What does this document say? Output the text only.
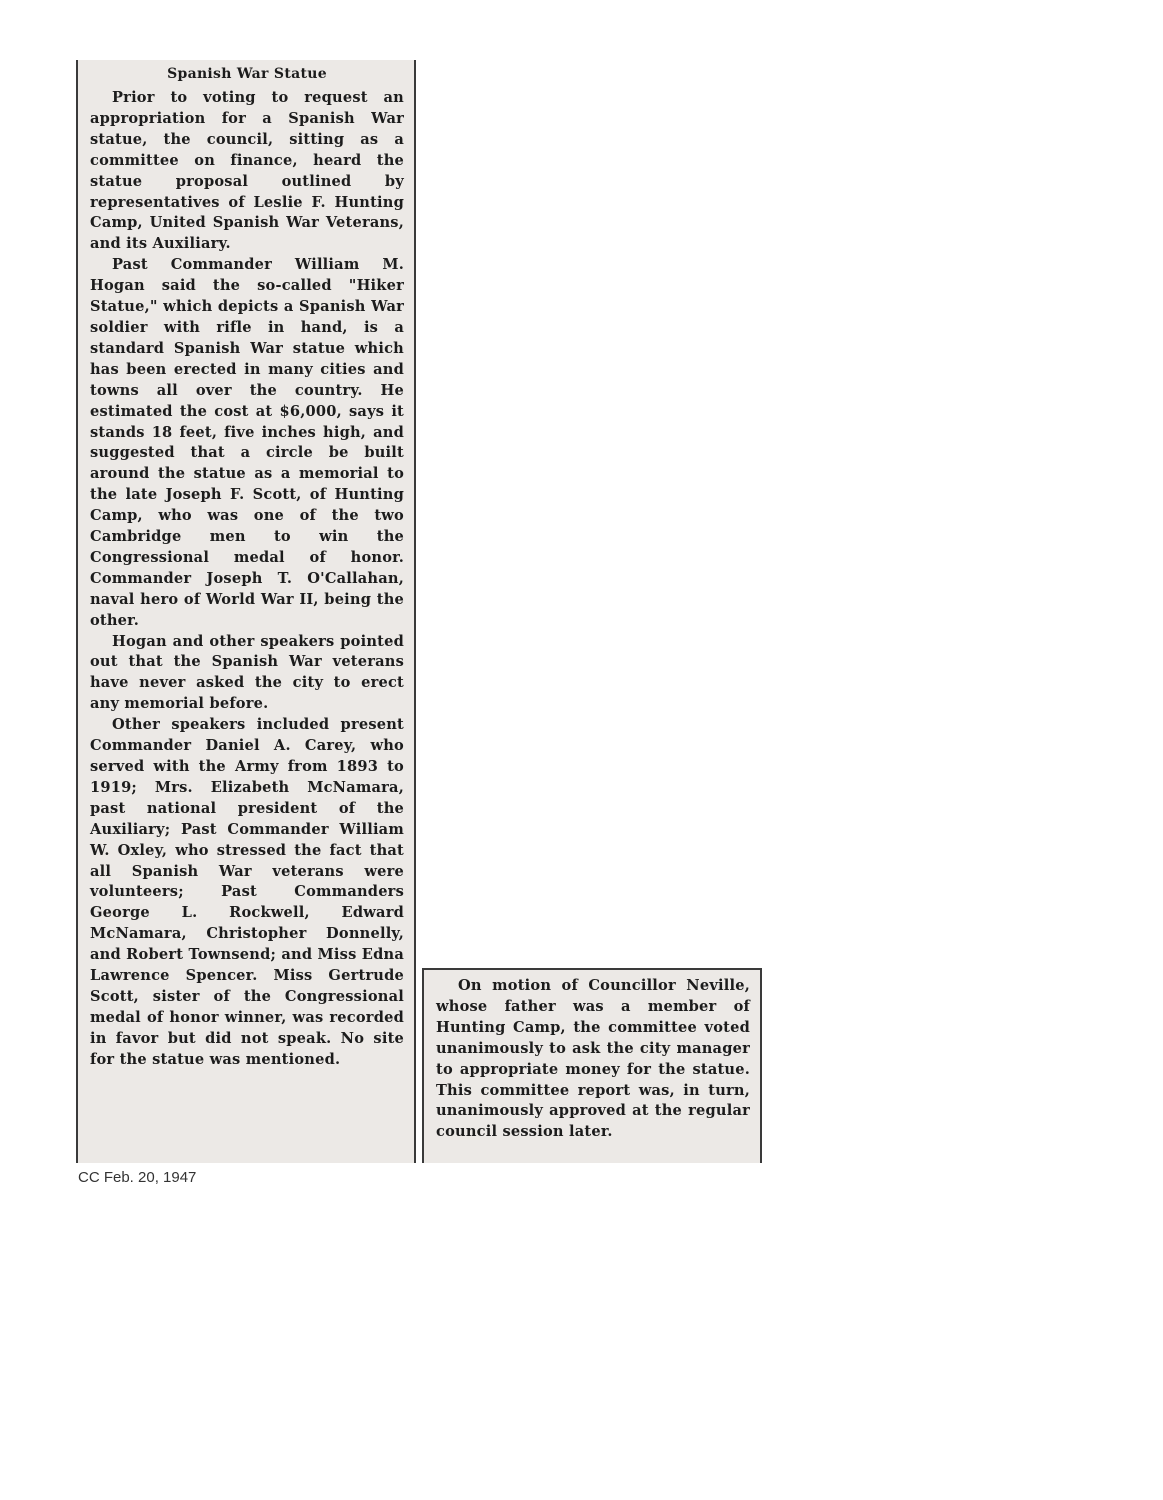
Spanish War Statue

Prior to voting to request an appropriation for a Spanish War statue, the council, sitting as a committee on finance, heard the statue proposal outlined by representatives of Leslie F. Hunting Camp, United Spanish War Veterans, and its Auxiliary.

Past Commander William M. Hogan said the so-called "Hiker Statue," which depicts a Spanish War soldier with rifle in hand, is a standard Spanish War statue which has been erected in many cities and towns all over the country. He estimated the cost at $6,000, says it stands 18 feet, five inches high, and suggested that a circle be built around the statue as a memorial to the late Joseph F. Scott, of Hunting Camp, who was one of the two Cambridge men to win the Congressional medal of honor. Commander Joseph T. O'Callahan, naval hero of World War II, being the other.

Hogan and other speakers pointed out that the Spanish War veterans have never asked the city to erect any memorial before.

Other speakers included present Commander Daniel A. Carey, who served with the Army from 1893 to 1919; Mrs. Elizabeth McNamara, past national president of the Auxiliary; Past Commander William W. Oxley, who stressed the fact that all Spanish War veterans were volunteers; Past Commanders George L. Rockwell, Edward McNamara, Christopher Donnelly, and Robert Townsend; and Miss Edna Lawrence Spencer. Miss Gertrude Scott, sister of the Congressional medal of honor winner, was recorded in favor but did not speak. No site for the statue was mentioned.

On motion of Councillor Neville, whose father was a member of Hunting Camp, the committee voted unanimously to ask the city manager to appropriate money for the statue. This committee report was, in turn, unanimously approved at the regular council session later.

CC Feb. 20, 1947
